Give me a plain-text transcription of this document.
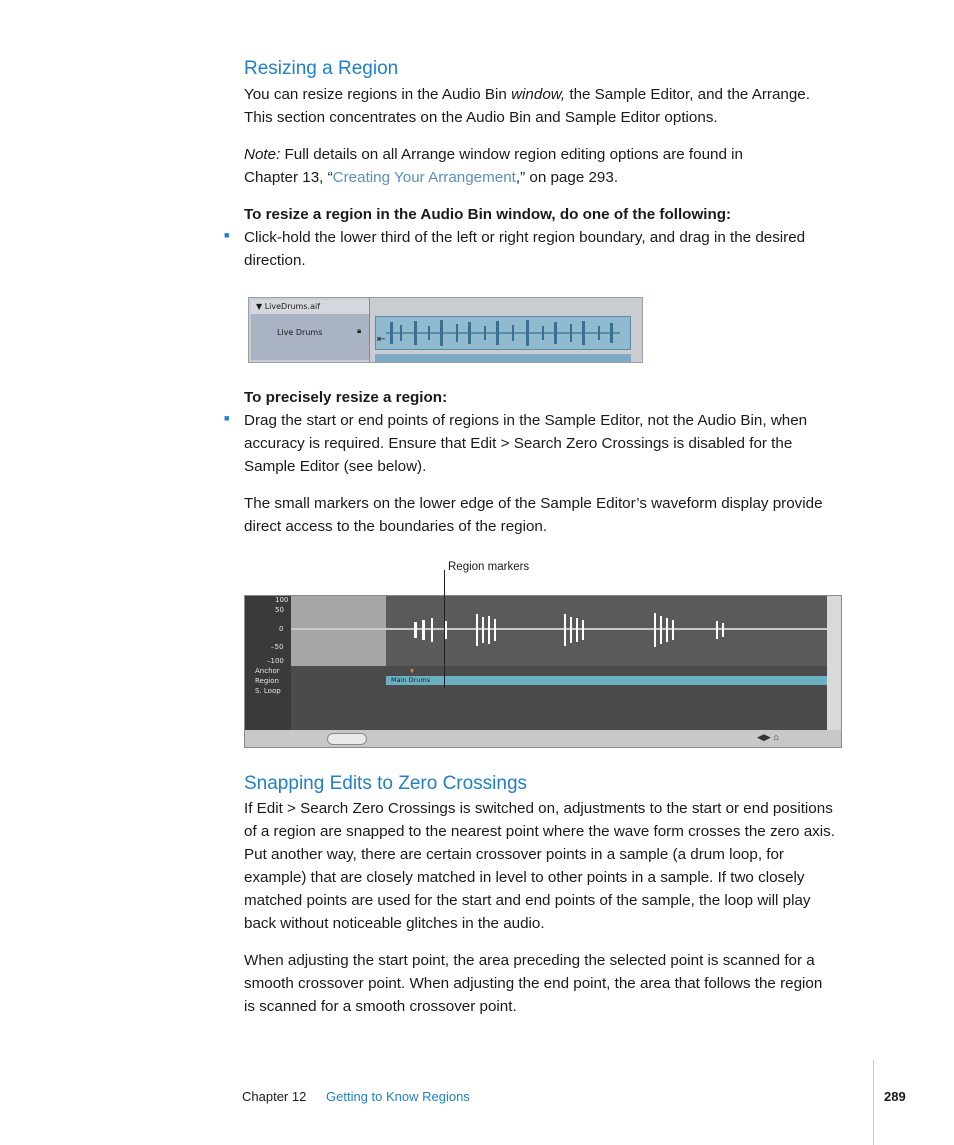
Resizing a Region
You can resize regions in the Audio Bin window, the Sample Editor, and the Arrange.
This section concentrates on the Audio Bin and Sample Editor options.
Note: Full details on all Arrange window region editing options are found in
Chapter 13, “Creating Your Arrangement,” on page 293.
To resize a region in the Audio Bin window, do one of the following:
■ Click-hold the lower third of the left or right region boundary, and drag in the desired
direction.
▼ LiveDrums.aif
Live Drums	🔒︎
⇤
To precisely resize a region:
■ Drag the start or end points of regions in the Sample Editor, not the Audio Bin, when
accuracy is required. Ensure that Edit > Search Zero Crossings is disabled for the
Sample Editor (see below).
The small markers on the lower edge of the Sample Editor’s waveform display provide
direct access to the boundaries of the region.
Region markers
100
50
0
–50
–100
Anchor
Region
S. Loop
♦
Main Drums
◀▶ ⌂
Snapping Edits to Zero Crossings
If Edit > Search Zero Crossings is switched on, adjustments to the start or end positions
of a region are snapped to the nearest point where the wave form crosses the zero axis.
Put another way, there are certain crossover points in a sample (a drum loop, for
example) that are closely matched in level to other points in a sample. If two closely
matched points are used for the start and end points of the sample, the loop will play
back without noticeable glitches in the audio.
When adjusting the start point, the area preceding the selected point is scanned for a
smooth crossover point. When adjusting the end point, the area that follows the region
is scanned for a smooth crossover point.
Chapter 12 Getting to Know Regions	289
